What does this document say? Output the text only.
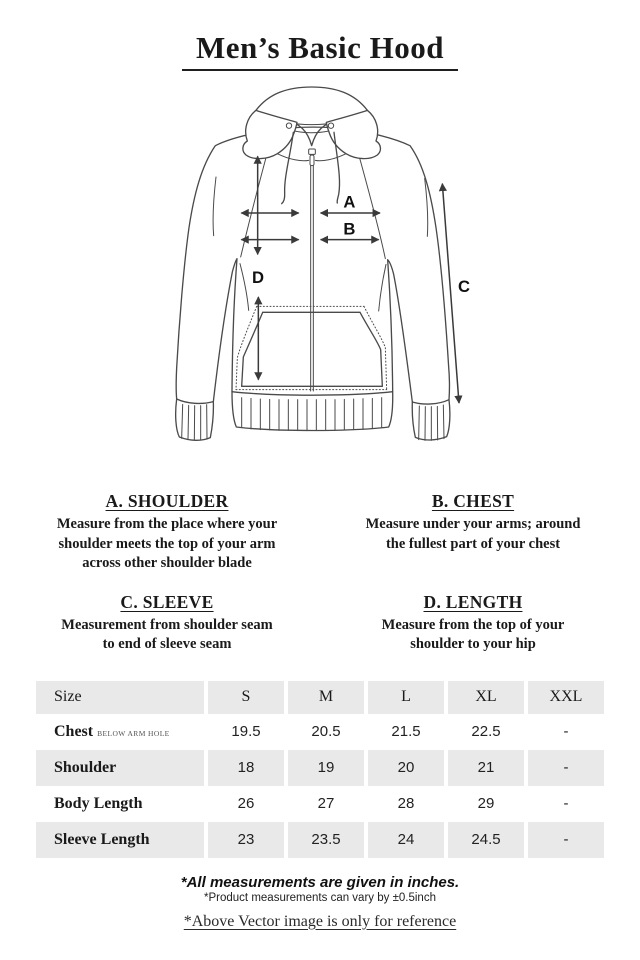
Men’s Basic Hood
A
B
C
D
A. SHOULDER
Measure from the place where your
shoulder meets the top of your arm
across other shoulder blade
B. CHEST
Measure under your arms; around
the fullest part of your chest
C. SLEEVE
Measurement from shoulder seam
to end of sleeve seam
D. LENGTH
Measure from the top of your
shoulder to your hip
Size	S	M	L	XL	XXL
Chest BELOW ARM HOLE	19.5	20.5	21.5	22.5	-
Shoulder	18	19	20	21	-
Body Length	26	27	28	29	-
Sleeve Length	23	23.5	24	24.5	-
*All measurements are given in inches.
*Product measurements can vary by ±0.5inch
*Above Vector image is only for reference
